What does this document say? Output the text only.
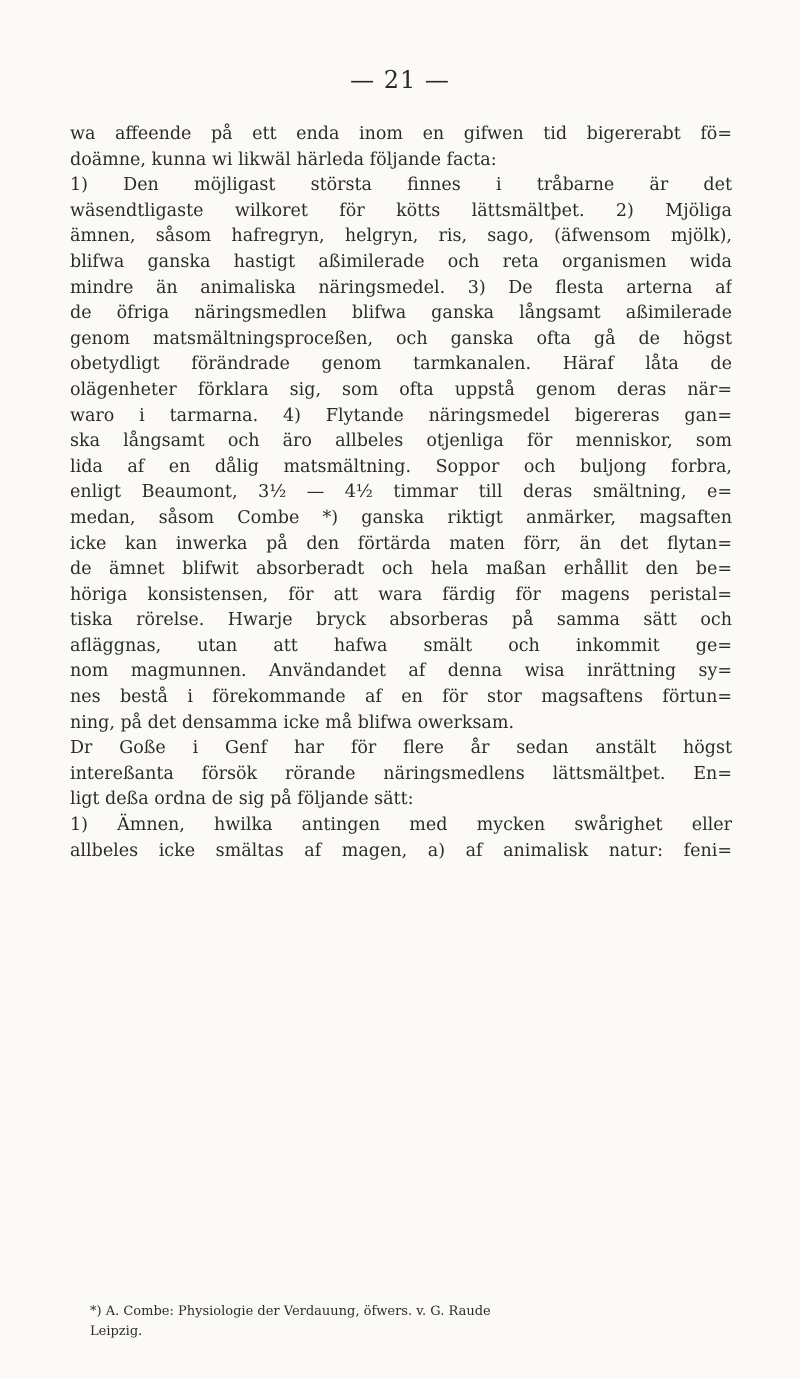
— 21 —
wa affeende på ett enda inom en gifwen tid bigererabt fö=
doämne, kunna wi likwäl härleda följande facta:
1) Den möjligast största finnes i tråbarne är det
wäsendtligaste wilkoret för kötts lättsmältþet. 2) Mjöliga
ämnen, såsom hafregryn, helgryn, ris, sago, (äfwensom mjölk),
blifwa ganska hastigt aßimilerade och reta organismen wida
mindre än animaliska näringsmedel. 3) De flesta arterna af
de öfriga näringsmedlen blifwa ganska långsamt aßimilerade
genom matsmältningsproceßen, och ganska ofta gå de högst
obetydligt förändrade genom tarmkanalen. Häraf låta de
olägenheter förklara sig, som ofta uppstå genom deras när=
waro i tarmarna. 4) Flytande näringsmedel bigereras gan=
ska långsamt och äro allbeles otjenliga för menniskor, som
lida af en dålig matsmältning. Soppor och buljong forbra,
enligt Beaumont, 3½ — 4½ timmar till deras smältning, e=
medan, såsom Combe *) ganska riktigt anmärker, magsaften
icke kan inwerka på den förtärda maten förr, än det flytan=
de ämnet blifwit absorberadt och hela maßan erhållit den be=
höriga konsistensen, för att wara färdig för magens peristal=
tiska rörelse. Hwarje bryck absorberas på samma sätt och
afläggnas, utan att hafwa smält och inkommit ge=
nom magmunnen. Användandet af denna wisa inrättning sy=
nes bestå i förekommande af en för stor magsaftens förtun=
ning, på det densamma icke må blifwa owerksam.
Dr Goße i Genf har för flere år sedan anstält högst
intereßanta försök rörande näringsmedlens lättsmältþet. En=
ligt deßa ordna de sig på följande sätt:
1) Ämnen, hwilka antingen med mycken swårighet eller
allbeles icke smältas af magen, a) af animalisk natur: feni=
*) A. Combe: Physiologie der Verdauung, öfwers. v. G. Raude
Leipzig.
